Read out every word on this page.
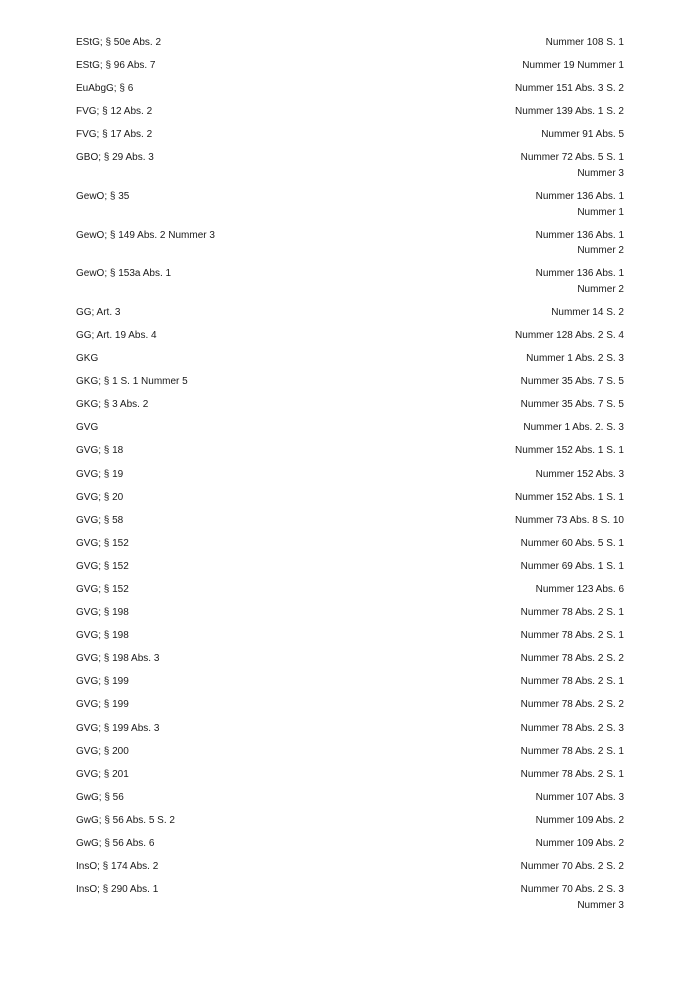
EStG; § 50e Abs. 2	Nummer 108 S. 1
EStG; § 96 Abs. 7	Nummer 19 Nummer 1
EuAbgG; § 6	Nummer 151 Abs. 3 S. 2
FVG; § 12 Abs. 2	Nummer 139 Abs. 1 S. 2
FVG; § 17 Abs. 2	Nummer 91 Abs. 5
GBO; § 29 Abs. 3	Nummer 72 Abs. 5 S. 1
Nummer 3
GewO; § 35	Nummer 136 Abs. 1
Nummer 1
GewO; § 149 Abs. 2 Nummer 3	Nummer 136 Abs. 1
Nummer 2
GewO; § 153a Abs. 1	Nummer 136 Abs. 1
Nummer 2
GG; Art. 3	Nummer 14 S. 2
GG; Art. 19 Abs. 4	Nummer 128 Abs. 2 S. 4
GKG	Nummer 1 Abs. 2 S. 3
GKG; § 1 S. 1 Nummer 5	Nummer 35 Abs. 7 S. 5
GKG; § 3 Abs. 2	Nummer 35 Abs. 7 S. 5
GVG	Nummer 1 Abs. 2. S. 3
GVG; § 18	Nummer 152 Abs. 1 S. 1
GVG; § 19	Nummer 152 Abs. 3
GVG; § 20	Nummer 152 Abs. 1 S. 1
GVG; § 58	Nummer 73 Abs. 8 S. 10
GVG; § 152	Nummer 60 Abs. 5 S. 1
GVG; § 152	Nummer 69 Abs. 1 S. 1
GVG; § 152	Nummer 123 Abs. 6
GVG; § 198	Nummer 78 Abs. 2 S. 1
GVG; § 198	Nummer 78 Abs. 2 S. 1
GVG; § 198 Abs. 3	Nummer 78 Abs. 2 S. 2
GVG; § 199	Nummer 78 Abs. 2 S. 1
GVG; § 199	Nummer 78 Abs. 2 S. 2
GVG; § 199 Abs. 3	Nummer 78 Abs. 2 S. 3
GVG; § 200	Nummer 78 Abs. 2 S. 1
GVG; § 201	Nummer 78 Abs. 2 S. 1
GwG; § 56	Nummer 107 Abs. 3
GwG; § 56 Abs. 5 S. 2	Nummer 109 Abs. 2
GwG; § 56 Abs. 6	Nummer 109 Abs. 2
InsO; § 174 Abs. 2	Nummer 70 Abs. 2 S. 2
InsO; § 290 Abs. 1	Nummer 70 Abs. 2 S. 3
Nummer 3
